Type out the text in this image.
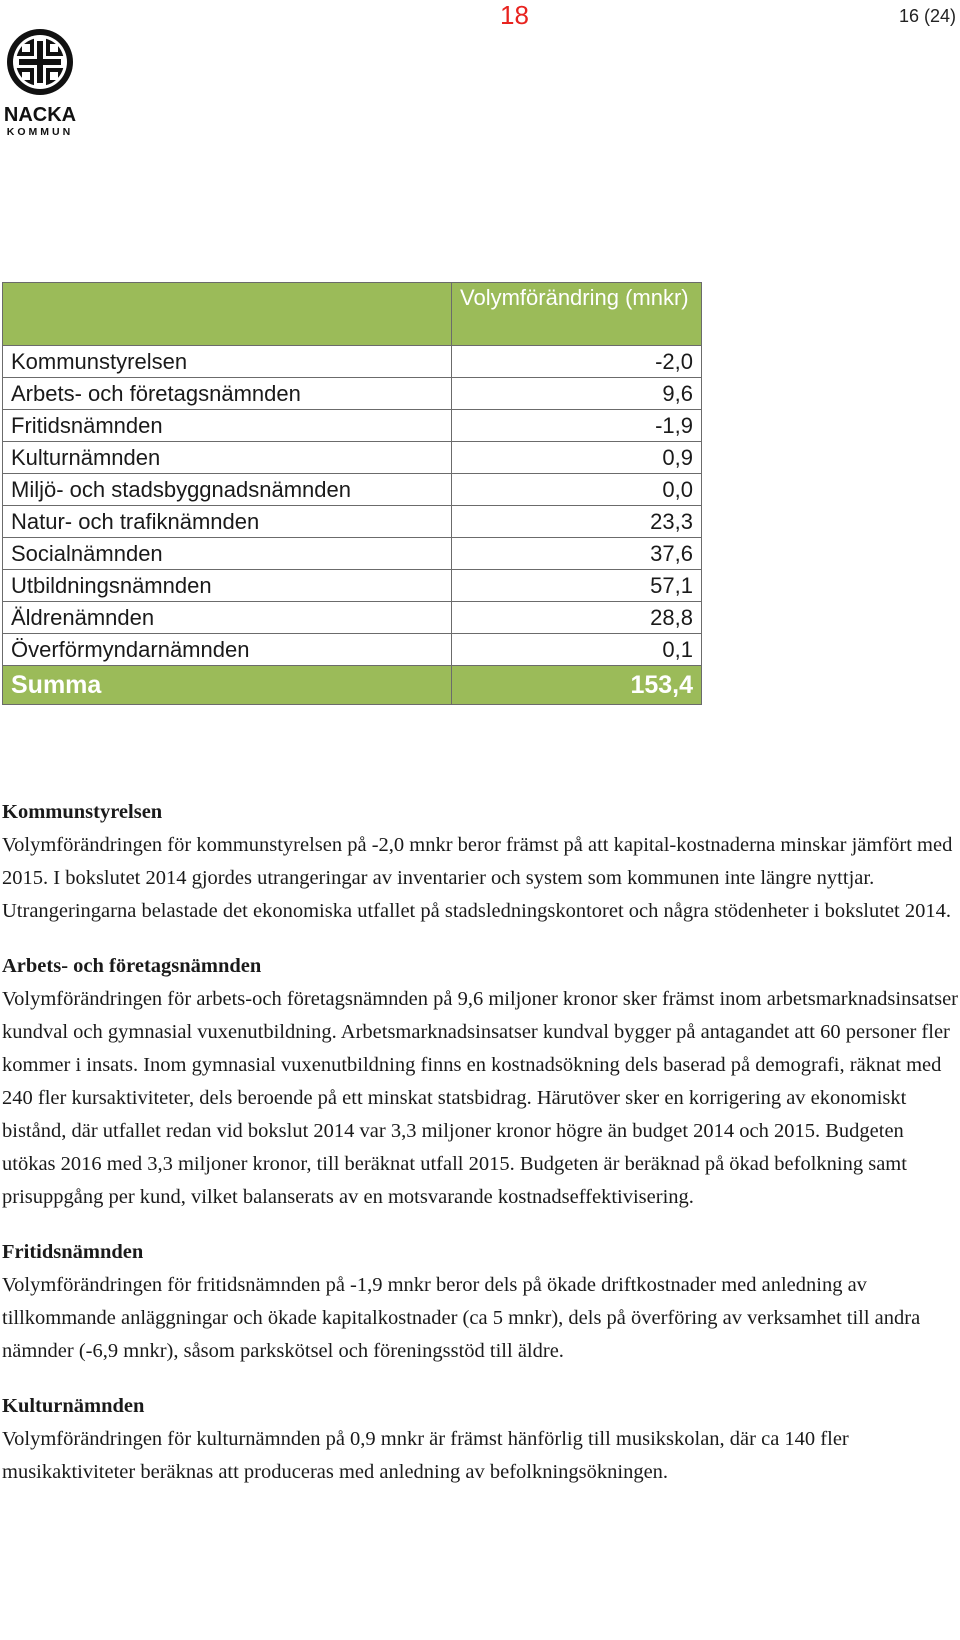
18	16 (24)
NACKA
KOMMUN
	Volymförändring (mnkr)
Kommunstyrelsen	-2,0
Arbets- och företagsnämnden	9,6
Fritidsnämnden	-1,9
Kulturnämnden	0,9
Miljö- och stadsbyggnadsnämnden	0,0
Natur- och trafiknämnden	23,3
Socialnämnden	37,6
Utbildningsnämnden	57,1
Äldrenämnden	28,8
Överförmyndarnämnden	0,1
Summa	153,4
Kommunstyrelsen

Volymförändringen för kommunstyrelsen på -2,0 mnkr beror främst på att kapital-kostnaderna minskar jämfört med 2015. I bokslutet 2014 gjordes utrangeringar av inventarier och system som kommunen inte längre nyttjar. Utrangeringarna belastade det ekonomiska utfallet på stadsledningskontoret och några stödenheter i bokslutet 2014.

Arbets- och företagsnämnden

Volymförändringen för arbets-och företagsnämnden på 9,6 miljoner kronor sker främst inom arbetsmarknadsinsatser kundval och gymnasial vuxenutbildning. Arbetsmarknadsinsatser kundval bygger på antagandet att 60 personer fler kommer i insats. Inom gymnasial vuxenutbildning finns en kostnadsökning dels baserad på demografi, räknat med 240 fler kursaktiviteter, dels beroende på ett minskat statsbidrag. Härutöver sker en korrigering av ekonomiskt bistånd, där utfallet redan vid bokslut 2014 var 3,3 miljoner kronor högre än budget 2014 och 2015. Budgeten utökas 2016 med 3,3 miljoner kronor, till beräknat utfall 2015. Budgeten är beräknad på ökad befolkning samt prisuppgång per kund, vilket balanserats av en motsvarande kostnadseffektivisering.

Fritidsnämnden

Volymförändringen för fritidsnämnden på -1,9 mnkr beror dels på ökade driftkostnader med anledning av tillkommande anläggningar och ökade kapitalkostnader (ca 5 mnkr), dels på överföring av verksamhet till andra nämnder (-6,9 mnkr), såsom parkskötsel och föreningsstöd till äldre.

Kulturnämnden

Volymförändringen för kulturnämnden på 0,9 mnkr är främst hänförlig till musikskolan, där ca 140 fler musikaktiviteter beräknas att produceras med anledning av befolkningsökningen.
